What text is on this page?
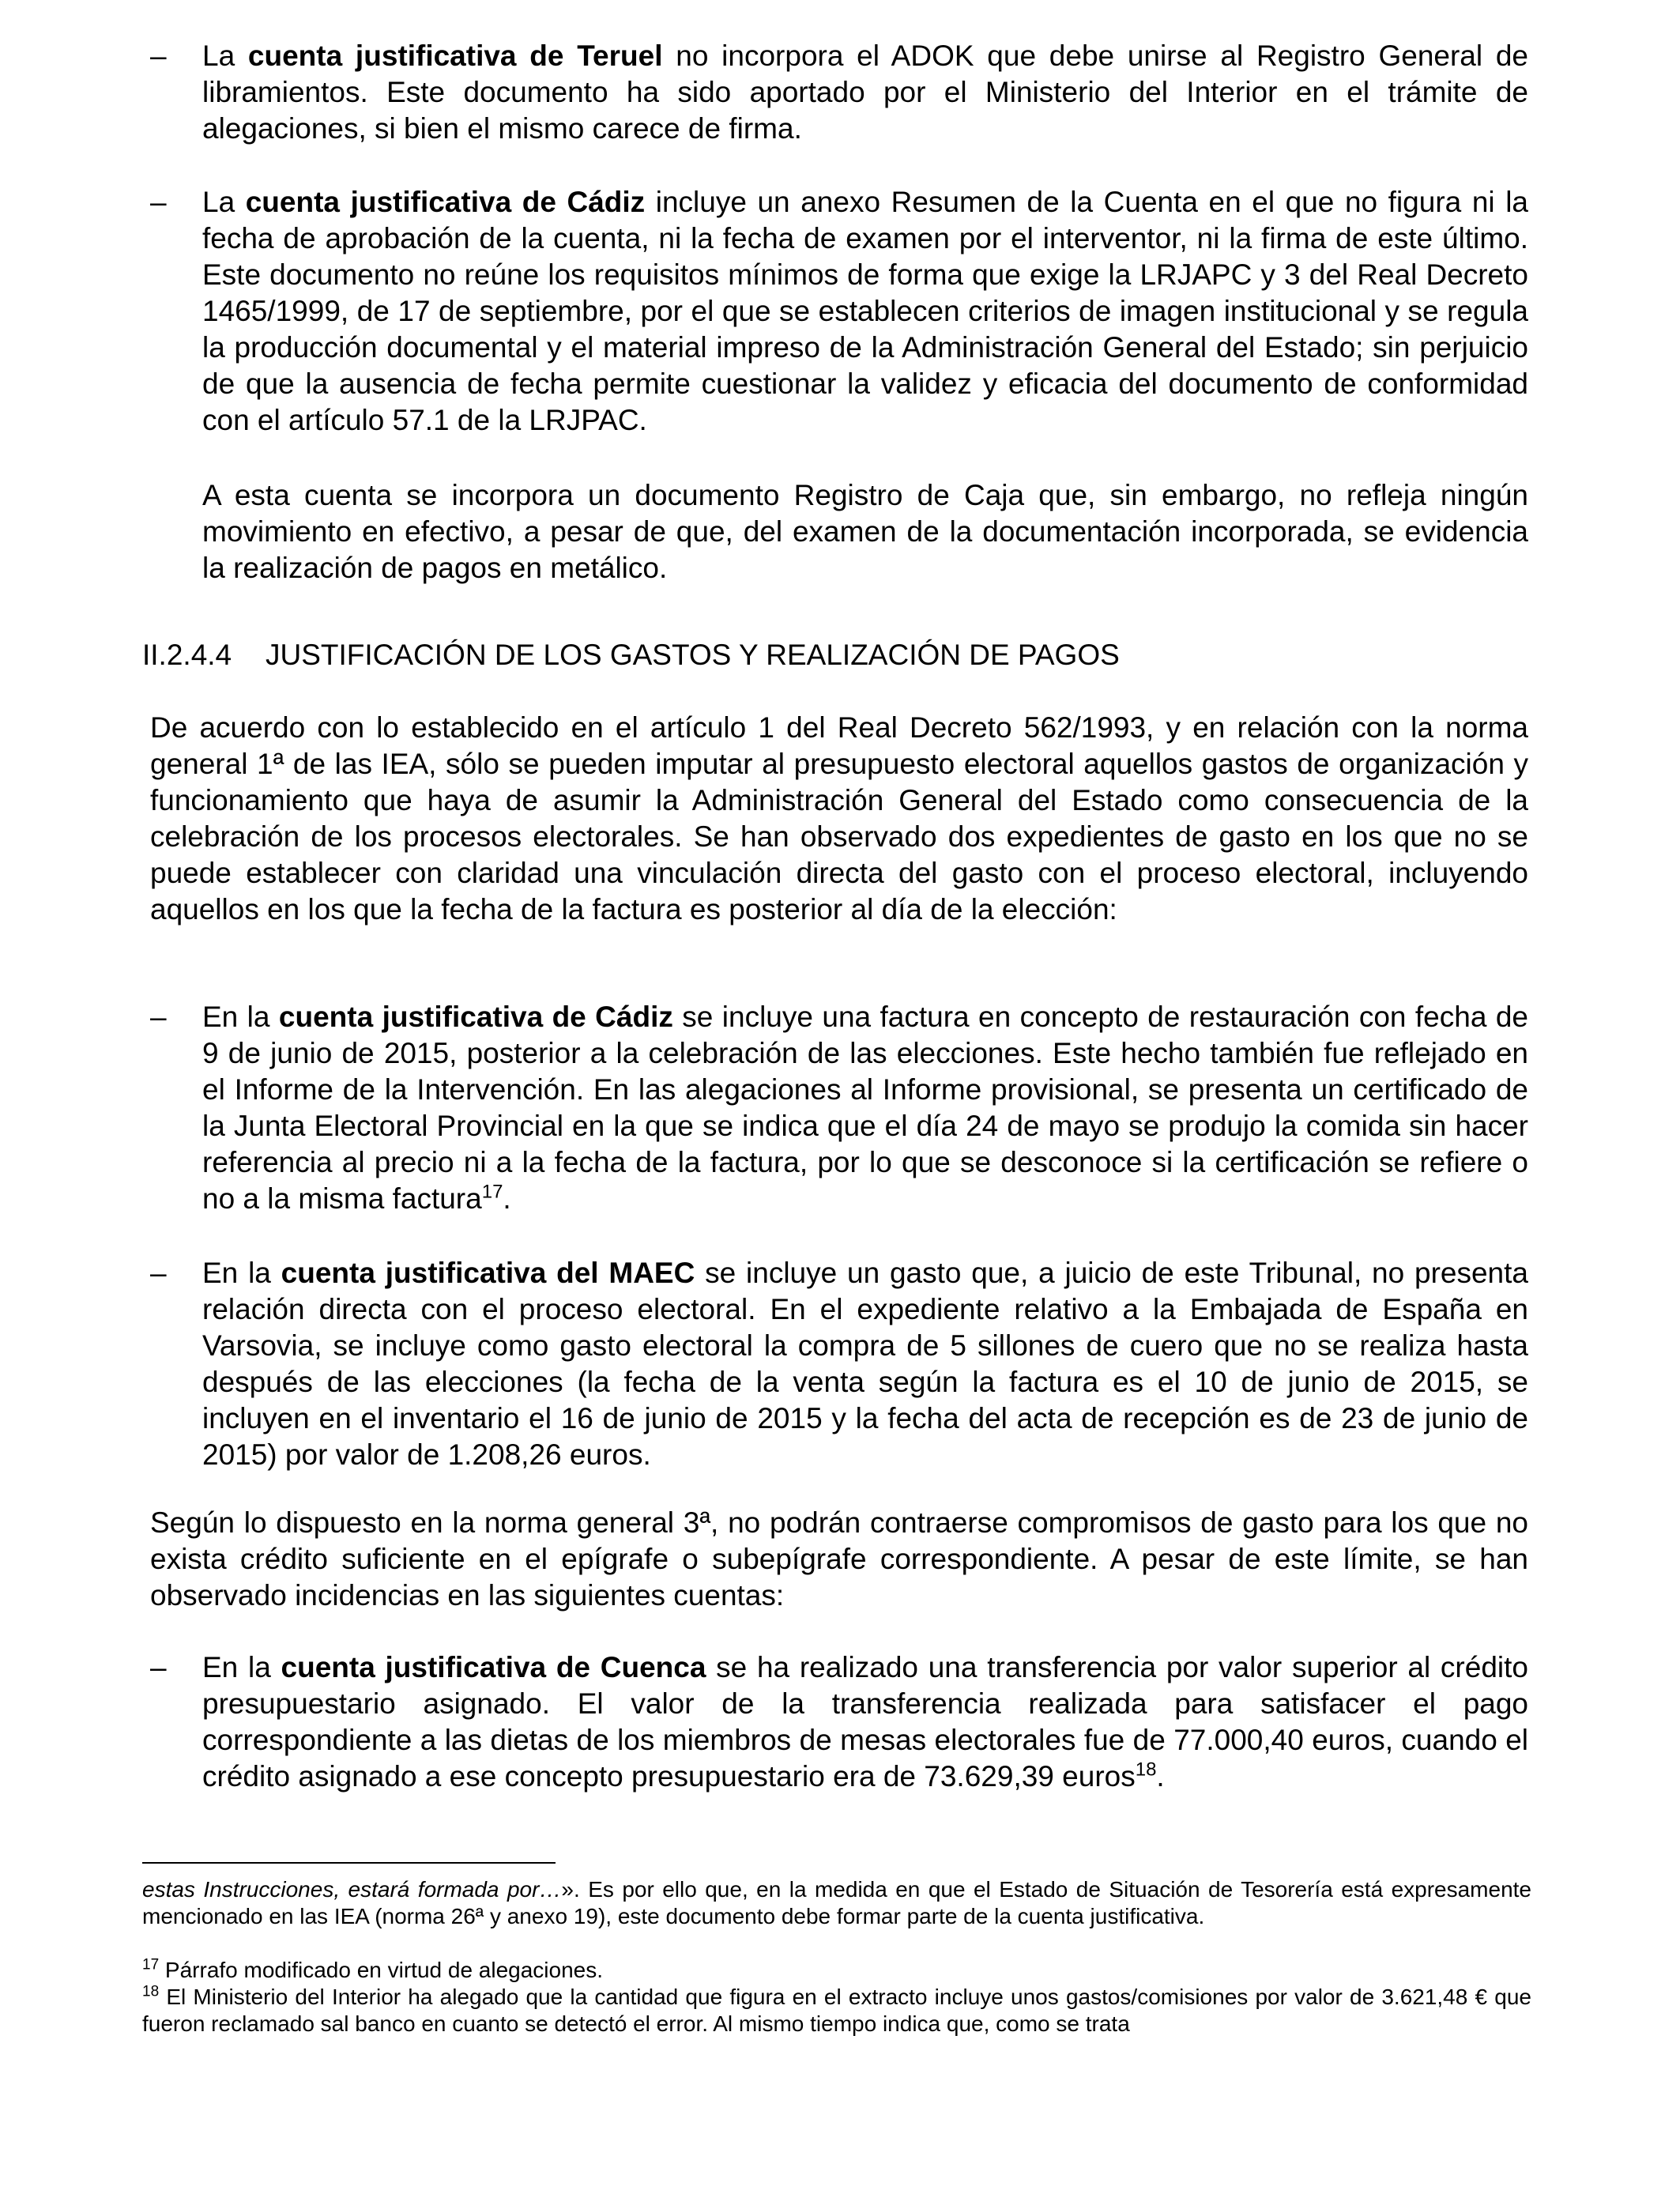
– La cuenta justificativa de Teruel no incorpora el ADOK que debe unirse al Registro General de libramientos. Este documento ha sido aportado por el Ministerio del Interior en el trámite de alegaciones, si bien el mismo carece de firma.

– La cuenta justificativa de Cádiz incluye un anexo Resumen de la Cuenta en el que no figura ni la fecha de aprobación de la cuenta, ni la fecha de examen por el interventor, ni la firma de este último. Este documento no reúne los requisitos mínimos de forma que exige la LRJAPC y 3 del Real Decreto 1465/1999, de 17 de septiembre, por el que se establecen criterios de imagen institucional y se regula la producción documental y el material impreso de la Administración General del Estado; sin perjuicio de que la ausencia de fecha permite cuestionar la validez y eficacia del documento de conformidad con el artículo 57.1 de la LRJPAC.

A esta cuenta se incorpora un documento Registro de Caja que, sin embargo, no refleja ningún movimiento en efectivo, a pesar de que, del examen de la documentación incorporada, se evidencia la realización de pagos en metálico.

II.2.4.4 JUSTIFICACIÓN DE LOS GASTOS Y REALIZACIÓN DE PAGOS

De acuerdo con lo establecido en el artículo 1 del Real Decreto 562/1993, y en relación con la norma general 1ª de las IEA, sólo se pueden imputar al presupuesto electoral aquellos gastos de organización y funcionamiento que haya de asumir la Administración General del Estado como consecuencia de la celebración de los procesos electorales. Se han observado dos expedientes de gasto en los que no se puede establecer con claridad una vinculación directa del gasto con el proceso electoral, incluyendo aquellos en los que la fecha de la factura es posterior al día de la elección:

– En la cuenta justificativa de Cádiz se incluye una factura en concepto de restauración con fecha de 9 de junio de 2015, posterior a la celebración de las elecciones. Este hecho también fue reflejado en el Informe de la Intervención. En las alegaciones al Informe provisional, se presenta un certificado de la Junta Electoral Provincial en la que se indica que el día 24 de mayo se produjo la comida sin hacer referencia al precio ni a la fecha de la factura, por lo que se desconoce si la certificación se refiere o no a la misma factura$^{17}$.

– En la cuenta justificativa del MAEC se incluye un gasto que, a juicio de este Tribunal, no presenta relación directa con el proceso electoral. En el expediente relativo a la Embajada de España en Varsovia, se incluye como gasto electoral la compra de 5 sillones de cuero que no se realiza hasta después de las elecciones (la fecha de la venta según la factura es el 10 de junio de 2015, se incluyen en el inventario el 16 de junio de 2015 y la fecha del acta de recepción es de 23 de junio de 2015) por valor de 1.208,26 euros.

Según lo dispuesto en la norma general 3ª, no podrán contraerse compromisos de gasto para los que no exista crédito suficiente en el epígrafe o subepígrafe correspondiente. A pesar de este límite, se han observado incidencias en las siguientes cuentas:

– En la cuenta justificativa de Cuenca se ha realizado una transferencia por valor superior al crédito presupuestario asignado. El valor de la transferencia realizada para satisfacer el pago correspondiente a las dietas de los miembros de mesas electorales fue de 77.000,40 euros, cuando el crédito asignado a ese concepto presupuestario era de 73.629,39 euros$^{18}$.

estas Instrucciones, estará formada por…». Es por ello que, en la medida en que el Estado de Situación de Tesorería está expresamente mencionado en las IEA (norma 26ª y anexo 19), este documento debe formar parte de la cuenta justificativa.

$^{17}$ Párrafo modificado en virtud de alegaciones.

$^{18}$ El Ministerio del Interior ha alegado que la cantidad que figura en el extracto incluye unos gastos/comisiones por valor de 3.621,48 € que fueron reclamado sal banco en cuanto se detectó el error. Al mismo tiempo indica que, como se trata
